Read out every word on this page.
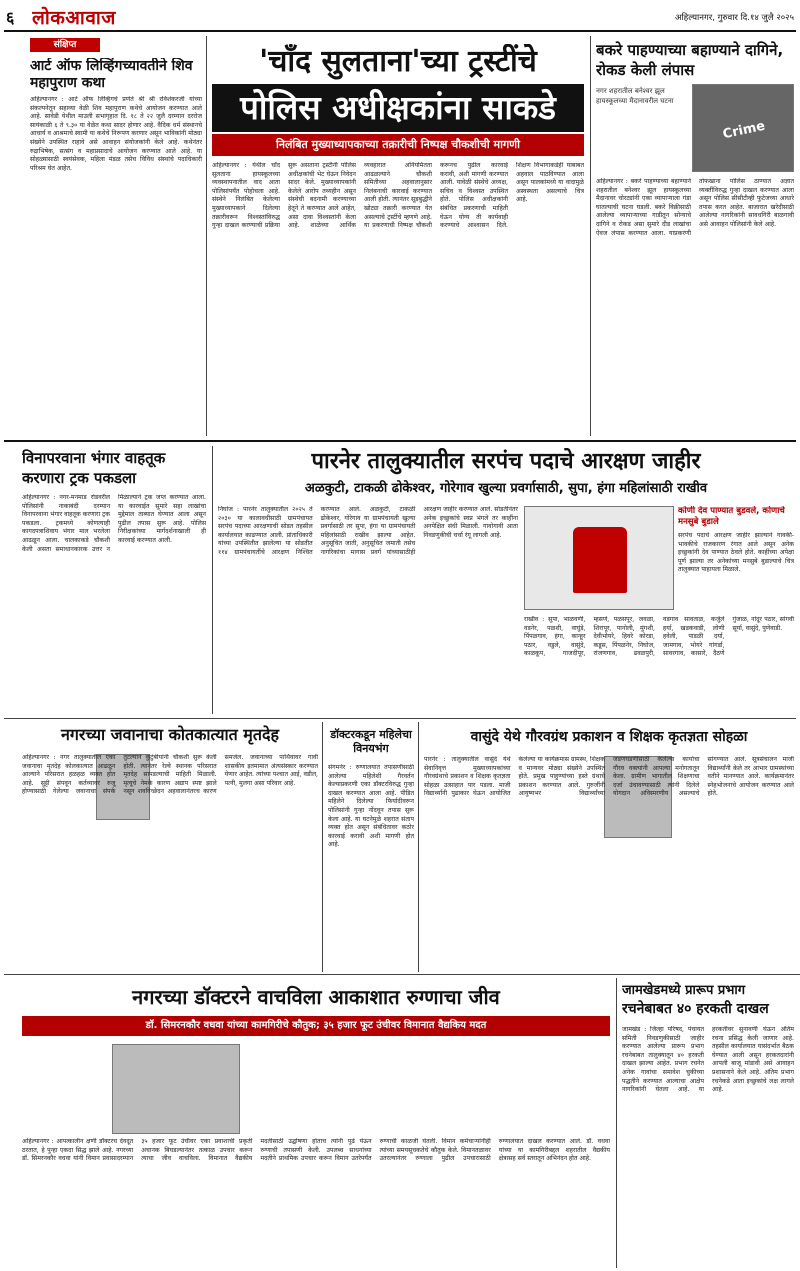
६ लोकआवाज	अहिल्यानगर, गुरुवार दि.१४ जुलै २०२५
संक्षिप्त
आर्ट ऑफ लिव्हिंगच्यावतीने शिव महापुराण कथा
अहिल्यानगर : आर्ट ऑफ लिव्हिंगचे प्रणेते श्री श्री रविशंकरजी यांच्या संकल्पनेतून सहाव्या वेळी शिव महापुराण कथेचे आयोजन करण्यात आले आहे. सावेडी येथील माउली सभागृहात दि. १८ ते २२ जुलै दरम्यान दररोज सायंकाळी ६ ते ९.३० या वेळेत कथा सादर होणार आहे. वैदिक धर्म संस्थानचे आचार्य व आश्रमाचे स्वामी या कथेचे निरूपण करणार असून भाविकांनी मोठ्या संख्येने उपस्थित राहावे असे आवाहन संयोजकांनी केले आहे. कथेनंतर रुद्राभिषेक, सत्संग व महाप्रसादाचे आयोजन करण्यात आले आहे. या सोहळ्यासाठी स्वयंसेवक, महिला मंडळ तसेच विविध संस्थांचे पदाधिकारी परिश्रम घेत आहेत.
'चाँद सुलताना'च्या ट्रस्टींचे
पोलिस अधीक्षकांना साकडे
निलंबित मुख्याध्यापकाच्या तक्रारीची निष्पक्ष चौकशीची मागणी
अहिल्यानगर : येथील चाँद सुलताना हायस्कूलच्या व्यवस्थापनातील वाद आता पोलिसांपर्यंत पोहोचला आहे. संस्थेने निलंबित केलेल्या मुख्याध्यापकाने दिलेल्या तक्रारीवरून विश्वस्तांविरुद्ध गुन्हा दाखल करण्याची प्रक्रिया सुरू असताना ट्रस्टींनी पोलिस अधीक्षकांची भेट घेऊन निवेदन सादर केले. मुख्याध्यापकांनी केलेले आरोप तथ्यहीन असून संस्थेची बदनामी करण्याच्या हेतूने ते करण्यात आले आहेत, असा दावा विश्वस्तांनी केला आहे. शाळेच्या आर्थिक व्यवहारात अनियमितता आढळल्याने चौकशी समितीच्या अहवालानुसार निलंबनाची कारवाई करण्यात आली होती. त्यानंतर सूडबुद्धीने खोट्या तक्रारी करण्यात येत असल्याचे ट्रस्टींचे म्हणणे आहे. या प्रकरणाची निष्पक्ष चौकशी करूनच पुढील कारवाई करावी, अशी मागणी करण्यात आली. यावेळी संस्थेचे अध्यक्ष, सचिव व विश्वस्त उपस्थित होते. पोलिस अधीक्षकांनी संबंधित प्रकरणाची माहिती घेऊन योग्य ती कार्यवाही करण्याचे आश्वासन दिले. शिक्षण विभागाकडेही याबाबत अहवाल पाठविण्यात आला असून पालकांमध्ये या वादामुळे अस्वस्थता असल्याचे चित्र आहे.
बकरे पाहण्याच्या बहाण्याने दागिने, रोकड केली लंपास
नगर शहरातील बनेश्वर झूल हायस्कूलच्या मैदानावरील घटना
Crime
अहिल्यानगर : बकरे पाहण्याच्या बहाण्याने शहरातील बनेश्वर झूल हायस्कूलच्या मैदानावर चोरट्यांनी एका व्यापाऱ्याला गंडा घातल्याची घटना घडली. बकरे विक्रीसाठी आलेल्या व्यापाऱ्याच्या गाडीतून सोन्याचे दागिने व रोकड असा सुमारे दीड लाखांचा ऐवज लंपास करण्यात आला. याप्रकरणी तोफखाना पोलिस ठाण्यात अज्ञात व्यक्तींविरुद्ध गुन्हा दाखल करण्यात आला असून पोलिस सीसीटीव्ही फुटेजच्या आधारे तपास करत आहेत. बाजारात खरेदीसाठी आलेल्या नागरिकांनी सावधगिरी बाळगावी असे आवाहन पोलिसांनी केले आहे.
विनापरवाना भंगार वाहतूक करणारा ट्रक पकडला
अहिल्यानगर : नगर-मनमाड रोडवरील पोलिसांनी नाकाबंदी दरम्यान विनापरवाना भंगार वाहतूक करणारा ट्रक पकडला. ट्रकमध्ये कोणत्याही कागदपत्राशिवाय भंगार माल भरलेला आढळून आला. चालकाकडे चौकशी केली असता समाधानकारक उत्तर न मिळाल्याने ट्रक जप्त करण्यात आला. या कारवाईत सुमारे सहा लाखांचा मुद्देमाल ताब्यात घेण्यात आला असून पुढील तपास सुरू आहे. पोलिस निरीक्षकांच्या मार्गदर्शनाखाली ही कारवाई करण्यात आली.
पारनेर तालुक्यातील सरपंच पदाचे आरक्षण जाहीर
अळकुटी, टाकळी ढोकेश्वर, गोरेगाव खुल्या प्रवर्गासाठी, सुपा, हंगा महिलांसाठी राखीव
निघोज : पारनेर तालुक्यातील २०२५ ते २०३० या कालावधीसाठी ग्रामपंचायत सरपंच पदाच्या आरक्षणाची सोडत तहसील कार्यालयात काढण्यात आली. प्रांताधिकारी यांच्या उपस्थितीत झालेल्या या सोडतीत ११४ ग्रामपंचायतींचे आरक्षण निश्चित करण्यात आले. अळकुटी, टाकळी ढोकेश्वर, गोरेगाव या ग्रामपंचायती खुल्या प्रवर्गासाठी तर सुपा, हंगा या ग्रामपंचायती महिलांसाठी राखीव झाल्या आहेत. अनुसूचित जाती, अनुसूचित जमाती तसेच नागरिकांचा मागास प्रवर्ग यांच्यासाठीही आरक्षण जाहीर करण्यात आले. सोडतीनंतर अनेक इच्छुकांचे स्वप्न भंगले तर काहींना अनपेक्षित संधी मिळाली. गावोगावी आता निवडणुकीची चर्चा रंगू लागली आहे.
कोणी देव पाण्यात बुडवले, कोणाचे मनसुबे बुडाले
सरपंच पदाचे आरक्षण जाहीर झाल्याने गावकी-भावकीचे राजकारण रंगात आले असून अनेक इच्छुकांनी देव पाण्यात ठेवले होते. काहींच्या अपेक्षा पूर्ण झाल्या तर अनेकांच्या मनसुबे बुडाल्याचे चित्र तालुक्यात पाहायला मिळाले.
राखीव : सुपा, भाळवणी, वडनेर, पळशी, वाघुंडे, पिंपळगाव, हंगा, कान्हूर पठार, वडुले, वासुंदे, काळकूप, गाजदीपूर, म्हसणे, पळसपूर, जवळा, शिरापूर, पानोली, मुंगशी, देवीभोयरे, हिवरे कोरडा, कडूस, पिंपळनेर, निघोज, रांजणगाव, ढवळपुरी, वडगाव सावताळ, कर्जुले हर्या, खडकवाडी, लोणी हवेली, पाडळी दर्या, जामगाव, भोयरे गांगर्डा, सावरगाव, कासारे, दैठणे गुंजाळ, नांदूर पठार, सांगवी सूर्या, वासुंदे, पुणेवाडी.
नगरच्या जवानाचा कोतकात्यात मृतदेह
अहिल्यानगर : नगर तालुक्यातील एका जवानाचा मृतदेह कोलकात्यात आढळून आल्याने परिसरात हळहळ व्यक्त होत आहे. सुट्टी संपवून कर्तव्यावर रुजू होण्यासाठी गेलेल्या जवानाचा संपर्क तुटल्याने कुटुंबीयांनी चौकशी सुरू केली होती. त्यानंतर रेल्वे स्थानक परिसरात मृतदेह सापडल्याची माहिती मिळाली. मृत्यूचे नेमके कारण अद्याप स्पष्ट झाले नसून शवविच्छेदन अहवालानंतरच कारण समजेल. जवानाच्या पार्थिवावर गावी शासकीय इतमामात अंत्यसंस्कार करण्यात येणार आहेत. त्यांच्या पश्चात आई, वडील, पत्नी, मुलगा असा परिवार आहे.
डॉक्टरकडून महिलेचा विनयभंग
संगमनेर : रुग्णालयात तपासणीसाठी आलेल्या महिलेशी गैरवर्तन केल्याप्रकरणी एका डॉक्टरविरुद्ध गुन्हा दाखल करण्यात आला आहे. पीडित महिलेने दिलेल्या फिर्यादीवरून पोलिसांनी गुन्हा नोंदवून तपास सुरू केला आहे. या घटनेमुळे शहरात संताप व्यक्त होत असून संबंधितावर कठोर कारवाई करावी अशी मागणी होत आहे.
वासुंदे येथे गौरवग्रंथ प्रकाशन व शिक्षक कृतज्ञता सोहळा
पारनेर : तालुक्यातील वासुंदे येथे सेवानिवृत्त मुख्याध्यापकांच्या गौरवग्रंथाचे प्रकाशन व शिक्षक कृतज्ञता सोहळा उत्साहात पार पडला. माजी विद्यार्थ्यांनी पुढाकार घेऊन आयोजित केलेल्या या कार्यक्रमास ग्रामस्थ, शिक्षक व मान्यवर मोठ्या संख्येने उपस्थित होते. प्रमुख पाहुण्यांच्या हस्ते ग्रंथाचे प्रकाशन करण्यात आले. गुरुजींनी आयुष्यभर विद्यार्थ्यांच्या जडणघडणीसाठी केलेल्या कार्याचा गौरव वक्त्यांनी आपल्या मनोगतातून केला. ग्रामीण भागातील शिक्षणाचा दर्जा उंचावण्यासाठी त्यांनी दिलेले योगदान अविस्मरणीय असल्याचे सांगण्यात आले. सूत्रसंचालन माजी विद्यार्थ्यांनी केले तर आभार ग्रामस्थांच्या वतीने मानण्यात आले. कार्यक्रमानंतर स्नेहभोजनाचे आयोजन करण्यात आले होते.
नगरच्या डॉक्टरने वाचविला आकाशात रुग्णाचा जीव
डॉ. सिमरनकौर वधवा यांच्या कामगिरीचे कौतुक; ३५ हजार फूट उंचीवर विमानात वैद्यकिय मदत
अहिल्यानगर : आपत्कालीन क्षणी डॉक्टरच देवदूत ठरतात, हे पुन्हा एकदा सिद्ध झाले आहे. नगरच्या डॉ. सिमरनकौर वधवा यांनी विमान प्रवासादरम्यान ३५ हजार फूट उंचीवर एका प्रवाशाची प्रकृती अचानक बिघडल्यानंतर तत्काळ उपचार करून त्याचा जीव वाचविला. विमानात वैद्यकीय मदतीसाठी उद्घोषणा होताच त्यांनी पुढे येऊन रुग्णाची तपासणी केली. उपलब्ध साधनांच्या मदतीने प्राथमिक उपचार करून विमान उतरेपर्यंत रुग्णाची काळजी घेतली. विमान कर्मचाऱ्यांनीही त्यांच्या समयसूचकतेचे कौतुक केले. विमानतळावर उतरल्यानंतर रुग्णाला पुढील उपचारासाठी रुग्णालयात दाखल करण्यात आले. डॉ. वधवा यांच्या या कामगिरीबद्दल शहरातील वैद्यकीय क्षेत्रासह सर्व स्तरातून अभिनंदन होत आहे.
जामखेडमध्ये प्रारूप प्रभाग
रचनेबाबत ४० हरकती दाखल
जामखेड : जिल्हा परिषद, पंचायत समिती निवडणुकीसाठी जाहीर करण्यात आलेल्या प्रारूप प्रभाग रचनेबाबत तालुक्यातून ४० हरकती दाखल झाल्या आहेत. प्रभाग रचनेत अनेक गावांचा समावेश चुकीच्या पद्धतीने करण्यात आल्याचा आक्षेप नागरिकांनी घेतला आहे. या हरकतींवर सुनावणी घेऊन अंतिम रचना प्रसिद्ध केली जाणार आहे. तहसील कार्यालयात यासंदर्भात बैठक घेण्यात आली असून हरकतदारांनी आपली बाजू मांडावी असे आवाहन प्रशासनाने केले आहे. अंतिम प्रभाग रचनेकडे आता इच्छुकांचे लक्ष लागले आहे.
